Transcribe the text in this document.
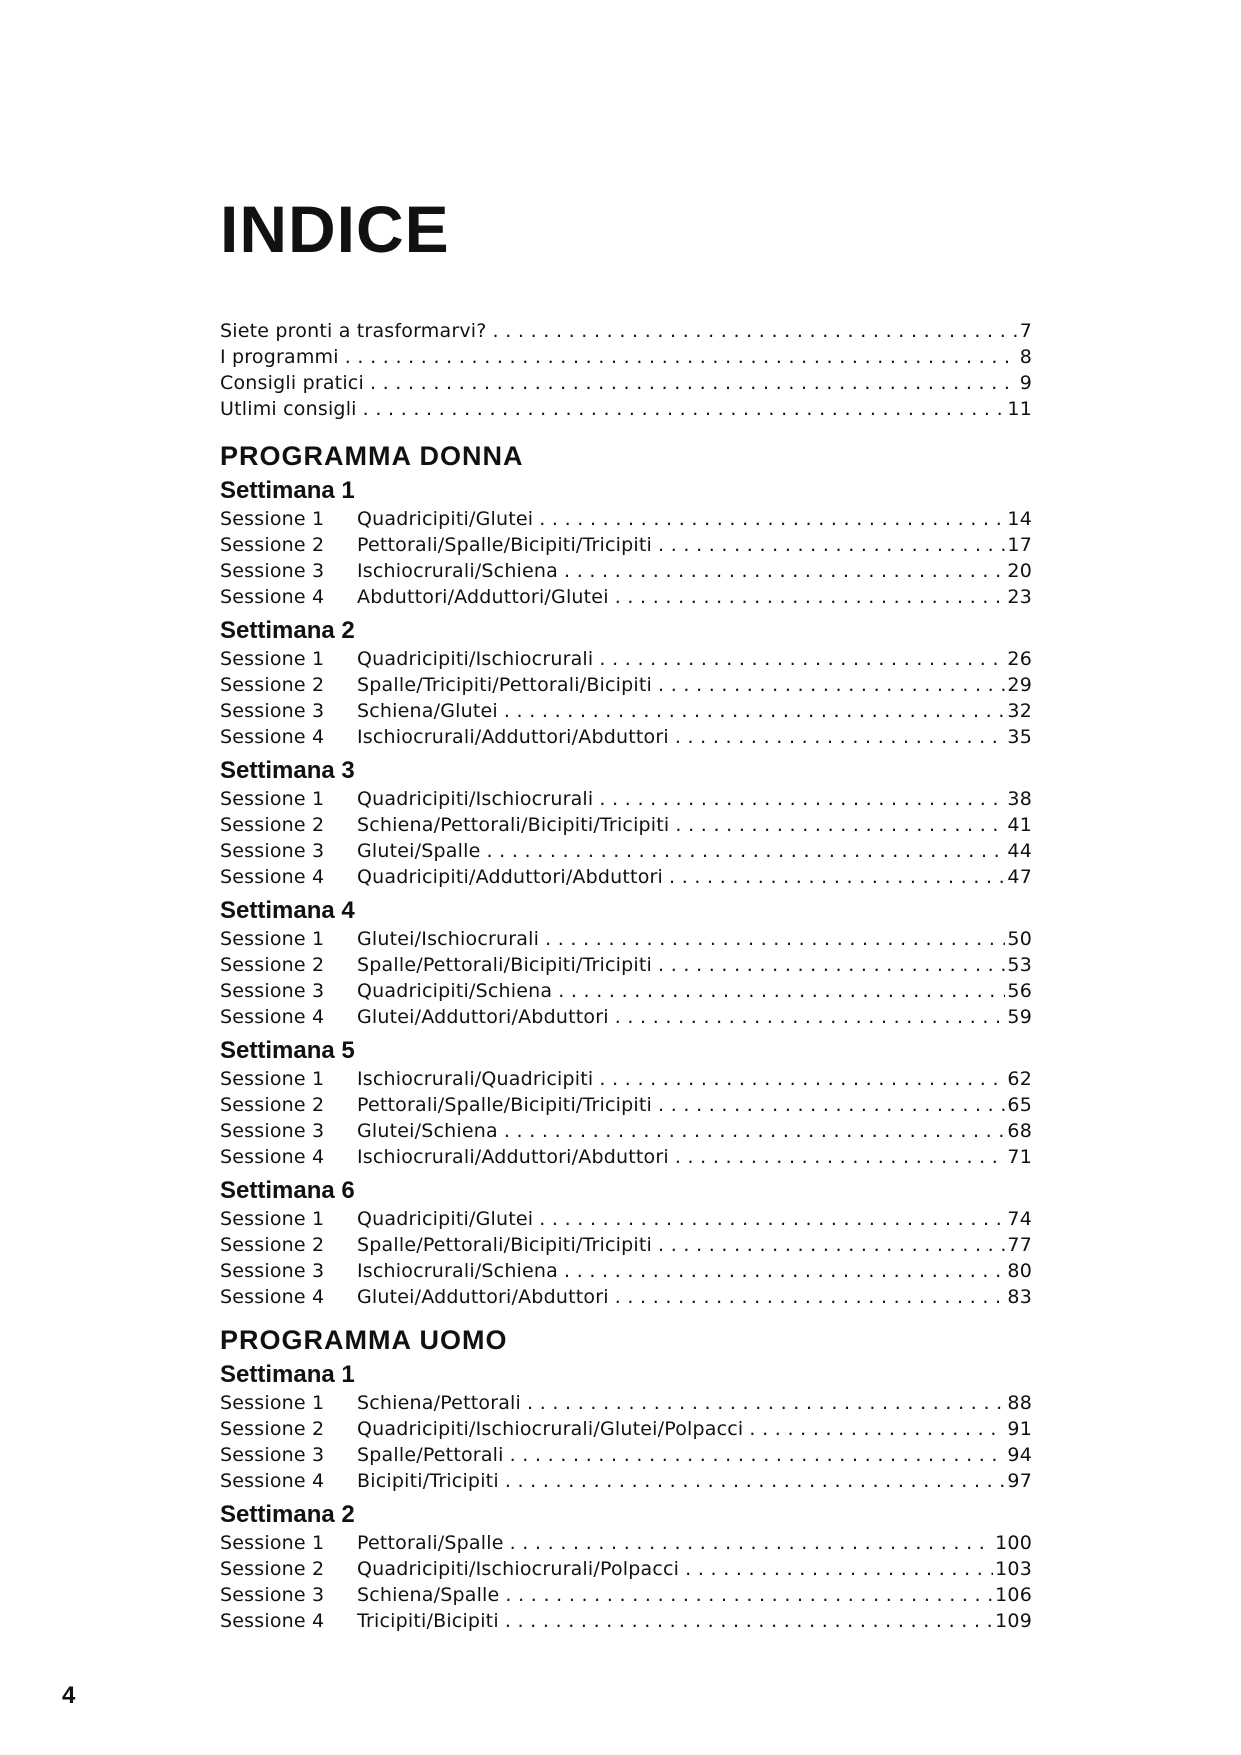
INDICE
Siete pronti a trasformarvi? . . .	7
I programmi . . .	8
Consigli pratici . . .	9
Utlimi consigli . . .	11
PROGRAMMA DONNA
Settimana 1
Sessione 1	Quadricipiti/Glutei . . .	14
Sessione 2	Pettorali/Spalle/Bicipiti/Tricipiti . . .	17
Sessione 3	Ischiocrurali/Schiena . . .	20
Sessione 4	Abduttori/Adduttori/Glutei . . .	23
Settimana 2
Sessione 1	Quadricipiti/Ischiocrurali . . .	26
Sessione 2	Spalle/Tricipiti/Pettorali/Bicipiti . . .	29
Sessione 3	Schiena/Glutei . . .	32
Sessione 4	Ischiocrurali/Adduttori/Abduttori . . .	35
Settimana 3
Sessione 1	Quadricipiti/Ischiocrurali . . .	38
Sessione 2	Schiena/Pettorali/Bicipiti/Tricipiti . . .	41
Sessione 3	Glutei/Spalle . . .	44
Sessione 4	Quadricipiti/Adduttori/Abduttori . . .	47
Settimana 4
Sessione 1	Glutei/Ischiocrurali . . .	50
Sessione 2	Spalle/Pettorali/Bicipiti/Tricipiti . . .	53
Sessione 3	Quadricipiti/Schiena . . .	56
Sessione 4	Glutei/Adduttori/Abduttori . . .	59
Settimana 5
Sessione 1	Ischiocrurali/Quadricipiti . . .	62
Sessione 2	Pettorali/Spalle/Bicipiti/Tricipiti . . .	65
Sessione 3	Glutei/Schiena . . .	68
Sessione 4	Ischiocrurali/Adduttori/Abduttori . . .	71
Settimana 6
Sessione 1	Quadricipiti/Glutei . . .	74
Sessione 2	Spalle/Pettorali/Bicipiti/Tricipiti . . .	77
Sessione 3	Ischiocrurali/Schiena . . .	80
Sessione 4	Glutei/Adduttori/Abduttori . . .	83
PROGRAMMA UOMO
Settimana 1
Sessione 1	Schiena/Pettorali . . .	88
Sessione 2	Quadricipiti/Ischiocrurali/Glutei/Polpacci . . .	91
Sessione 3	Spalle/Pettorali . . .	94
Sessione 4	Bicipiti/Tricipiti . . .	97
Settimana 2
Sessione 1	Pettorali/Spalle . . .	100
Sessione 2	Quadricipiti/Ischiocrurali/Polpacci . . .	103
Sessione 3	Schiena/Spalle . . .	106
Sessione 4	Tricipiti/Bicipiti . . .	109
4
